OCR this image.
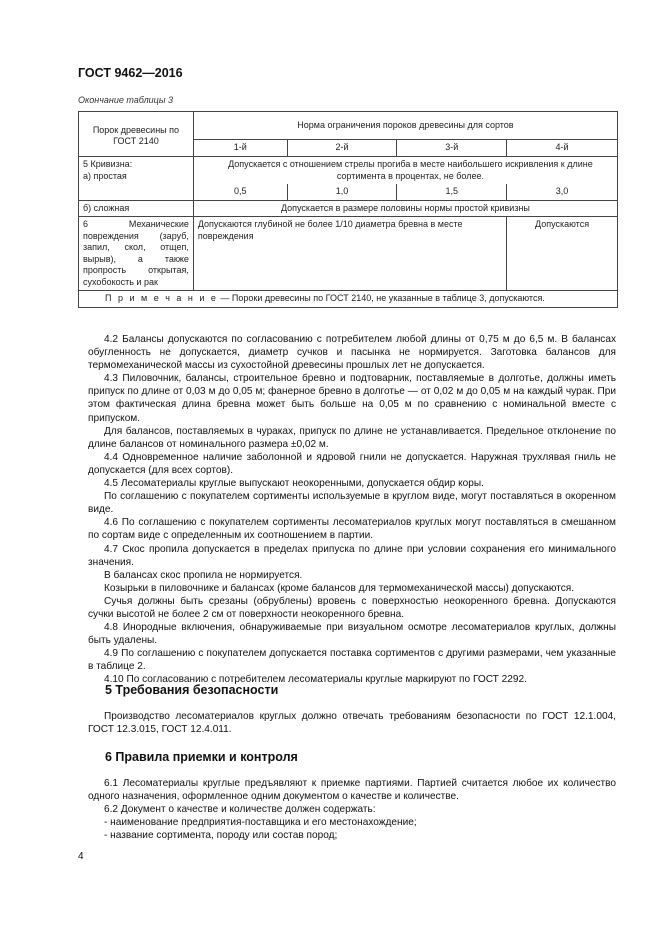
ГОСТ 9462—2016
Окончание таблицы 3
Порок древесины по ГОСТ 2140	Норма ограничения пороков древесины для сортов			
	1-й	2-й	3-й	4-й
5 Кривизна:
а) простая	Допускается с отношением стрелы прогиба в месте наибольшего искривления к длине сортимента в процентах, не более.			
	0,5	1,0	1,5	3,0
б) сложная	Допускается в размере половины нормы простой кривизны			
6 Механические повреждения (заруб, запил, скол, отщеп, вырыв), а также пропрость открытая, сухобокость и рак	Допускаются глубиной не более 1/10 диаметра бревна в месте повреждения			Допускаются
П р и м е ч а н и е — Пороки древесины по ГОСТ 2140, не указанные в таблице 3, допускаются.				

4.2 Балансы допускаются по согласованию с потребителем любой длины от 0,75 м до 6,5 м. В балансах обугленность не допускается, диаметр сучков и пасынка не нормируется. Заготовка балансов для термомеханической массы из сухостойной древесины прошлых лет не допускается.

4.3 Пиловочник, балансы, строительное бревно и подтоварник, поставляемые в долготье, должны иметь припуск по длине от 0,03 м до 0,05 м; фанерное бревно в долготье — от 0,02 м до 0,05 м на каждый чурак. При этом фактическая длина бревна может быть больше на 0,05 м по сравнению с номинальной вместе с припуском.

Для балансов, поставляемых в чураках, припуск по длине не устанавливается. Предельное отклонение по длине балансов от номинального размера ±0,02 м.

4.4 Одновременное наличие заболонной и ядровой гнили не допускается. Наружная трухлявая гниль не допускается (для всех сортов).

4.5 Лесоматериалы круглые выпускают неокоренными, допускается обдир коры.

По соглашению с покупателем сортименты используемые в круглом виде, могут поставляться в окоренном виде.

4.6 По соглашению с покупателем сортименты лесоматериалов круглых могут поставляться в смешанном по сортам виде с определенным их соотношением в партии.

4.7 Скос пропила допускается в пределах припуска по длине при условии сохранения его минимального значения.

В балансах скос пропила не нормируется.

Козырьки в пиловочнике и балансах (кроме балансов для термомеханической массы) допускаются.

Сучья должны быть срезаны (обрублены) вровень с поверхностью неокоренного бревна. Допускаются сучки высотой не более 2 см от поверхности неокоренного бревна.

4.8 Инородные включения, обнаруживаемые при визуальном осмотре лесоматериалов круглых, должны быть удалены.

4.9 По соглашению с покупателем допускается поставка сортиментов с другими размерами, чем указанные в таблице 2.

4.10 По согласованию с потребителем лесоматериалы круглые маркируют по ГОСТ 2292.

5 Требования безопасности

Производство лесоматериалов круглых должно отвечать требованиям безопасности по ГОСТ 12.1.004, ГОСТ 12.3.015, ГОСТ 12.4.011.

6 Правила приемки и контроля

6.1 Лесоматериалы круглые предъявляют к приемке партиями. Партией считается любое их количество одного назначения, оформленное одним документом о качестве и количестве.

6.2 Документ о качестве и количестве должен содержать:

- наименование предприятия-поставщика и его местонахождение;

- название сортимента, породу или состав пород;

4
